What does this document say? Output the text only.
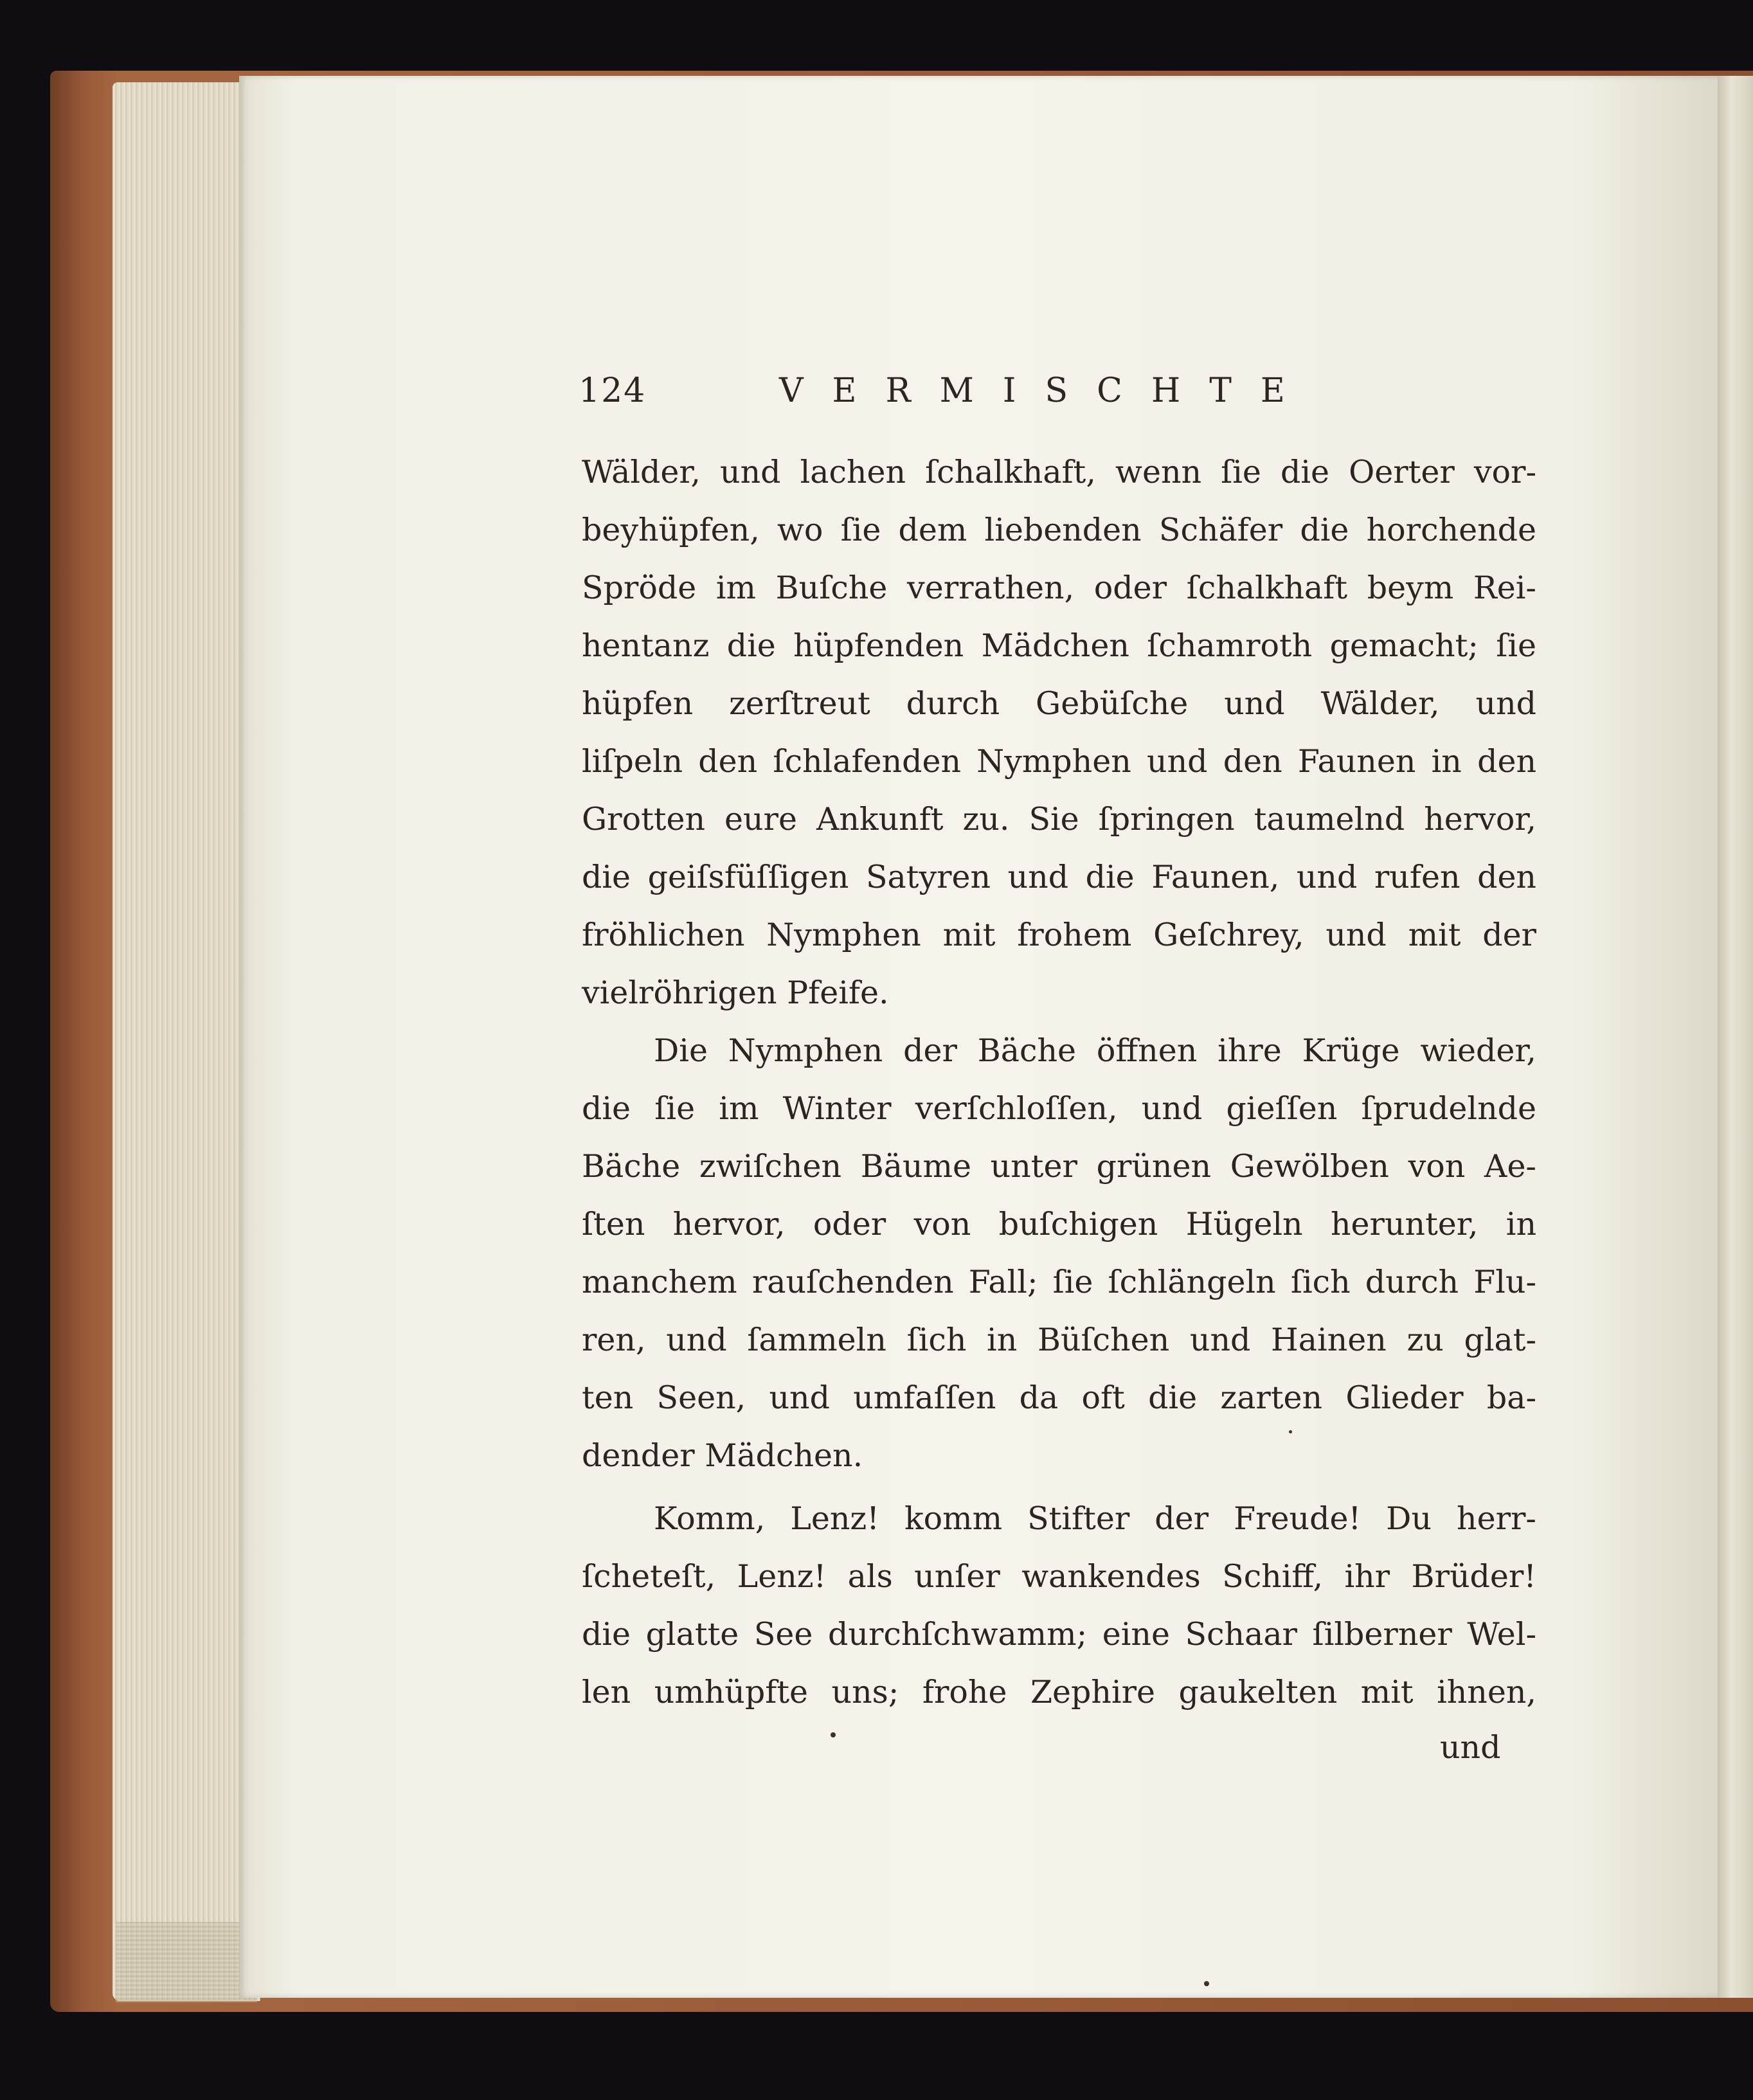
124	VERMISCHTE
Wälder, und lachen ſchalkhaft, wenn ſie die Oerter vor-
beyhüpfen, wo ſie dem liebenden Schäfer die horchende
Spröde im Buſche verrathen, oder ſchalkhaft beym Rei-
hentanz die hüpfenden Mädchen ſchamroth gemacht; ſie
hüpfen zerſtreut durch Gebüſche und Wälder, und
liſpeln den ſchlafenden Nymphen und den Faunen in den
Grotten eure Ankunft zu. Sie ſpringen taumelnd hervor,
die geiſsfüſſigen Satyren und die Faunen, und rufen den
fröhlichen Nymphen mit frohem Geſchrey, und mit der
vielröhrigen Pfeife.
Die Nymphen der Bäche öffnen ihre Krüge wieder,
die ſie im Winter verſchloſſen, und gieſſen ſprudelnde
Bäche zwiſchen Bäume unter grünen Gewölben von Ae-
ſten hervor, oder von buſchigen Hügeln herunter, in
manchem rauſchenden Fall; ſie ſchlängeln ſich durch Flu-
ren, und ſammeln ſich in Büſchen und Hainen zu glat-
ten Seen, und umfaſſen da oft die zarten Glieder ba-
dender Mädchen.
Komm, Lenz! komm Stifter der Freude! Du herr-
ſcheteſt, Lenz! als unſer wankendes Schiff, ihr Brüder!
die glatte See durchſchwamm; eine Schaar ſilberner Wel-
len umhüpfte uns; frohe Zephire gaukelten mit ihnen,
und
